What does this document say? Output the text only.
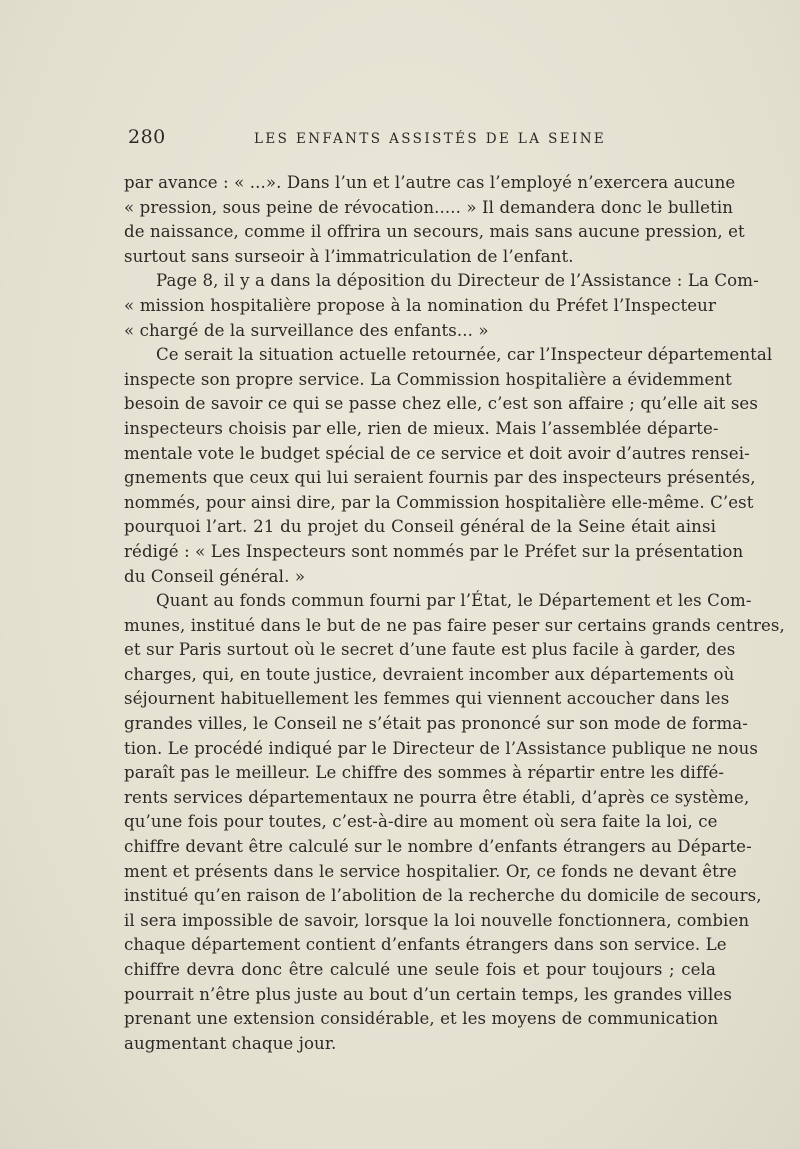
280	LES ENFANTS ASSISTÉS DE LA SEINE
par avance : « ...». Dans l’un et l’autre cas l’employé n’exercera aucune
« pression, sous peine de révocation..... » Il demandera donc le bulletin
de naissance, comme il offrira un secours, mais sans aucune pression, et
surtout sans surseoir à l’immatriculation de l’enfant.
Page 8, il y a dans la déposition du Directeur de l’Assistance : La Com-
« mission hospitalière propose à la nomination du Préfet l’Inspecteur
« chargé de la surveillance des enfants... »
Ce serait la situation actuelle retournée, car l’Inspecteur départemental
inspecte son propre service. La Commission hospitalière a évidemment
besoin de savoir ce qui se passe chez elle, c’est son affaire ; qu’elle ait ses
inspecteurs choisis par elle, rien de mieux. Mais l’assemblée départe-
mentale vote le budget spécial de ce service et doit avoir d’autres rensei-
gnements que ceux qui lui seraient fournis par des inspecteurs présentés,
nommés, pour ainsi dire, par la Commission hospitalière elle-même. C’est
pourquoi l’art. 21 du projet du Conseil général de la Seine était ainsi
rédigé : « Les Inspecteurs sont nommés par le Préfet sur la présentation
du Conseil général. »
Quant au fonds commun fourni par l’État, le Département et les Com-
munes, institué dans le but de ne pas faire peser sur certains grands centres,
et sur Paris surtout où le secret d’une faute est plus facile à garder, des
charges, qui, en toute justice, devraient incomber aux départements où
séjournent habituellement les femmes qui viennent accoucher dans les
grandes villes, le Conseil ne s’était pas prononcé sur son mode de forma-
tion. Le procédé indiqué par le Directeur de l’Assistance publique ne nous
paraît pas le meilleur. Le chiffre des sommes à répartir entre les diffé-
rents services départementaux ne pourra être établi, d’après ce système,
qu’une fois pour toutes, c’est-à-dire au moment où sera faite la loi, ce
chiffre devant être calculé sur le nombre d’enfants étrangers au Départe-
ment et présents dans le service hospitalier. Or, ce fonds ne devant être
institué qu’en raison de l’abolition de la recherche du domicile de secours,
il sera impossible de savoir, lorsque la loi nouvelle fonctionnera, combien
chaque département contient d’enfants étrangers dans son service. Le
chiffre devra donc être calculé une seule fois et pour toujours ; cela
pourrait n’être plus juste au bout d’un certain temps, les grandes villes
prenant une extension considérable, et les moyens de communication
augmentant chaque jour.
